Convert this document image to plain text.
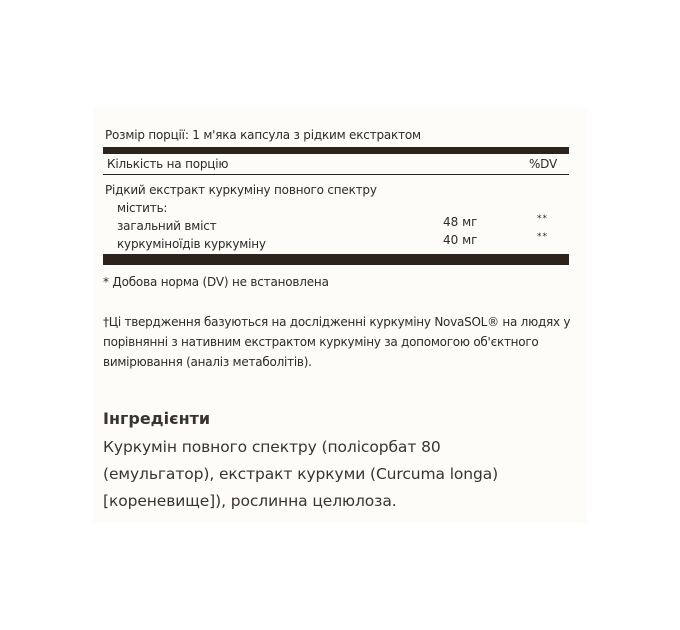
Розмір порції: 1 м'яка капсула з рідким екстрактом
Кількість на порцію	%DV
Рідкий екстракт куркуміну повного спектру
містить:
загальний вміст	48 мг	**
куркуміноїдів куркуміну	40 мг	**
* Добова норма (DV) не встановлена
†Ці твердження базуються на дослідженні куркуміну NovaSOL® на людях у порівнянні з нативним екстрактом куркуміну за допомогою об'єктного вимірювання (аналіз метаболітів).
Інгредієнти
Куркумін повного спектру (полісорбат 80 (емульгатор), екстракт куркуми (Curcuma longa) [кореневище]), рослинна целюлоза.
